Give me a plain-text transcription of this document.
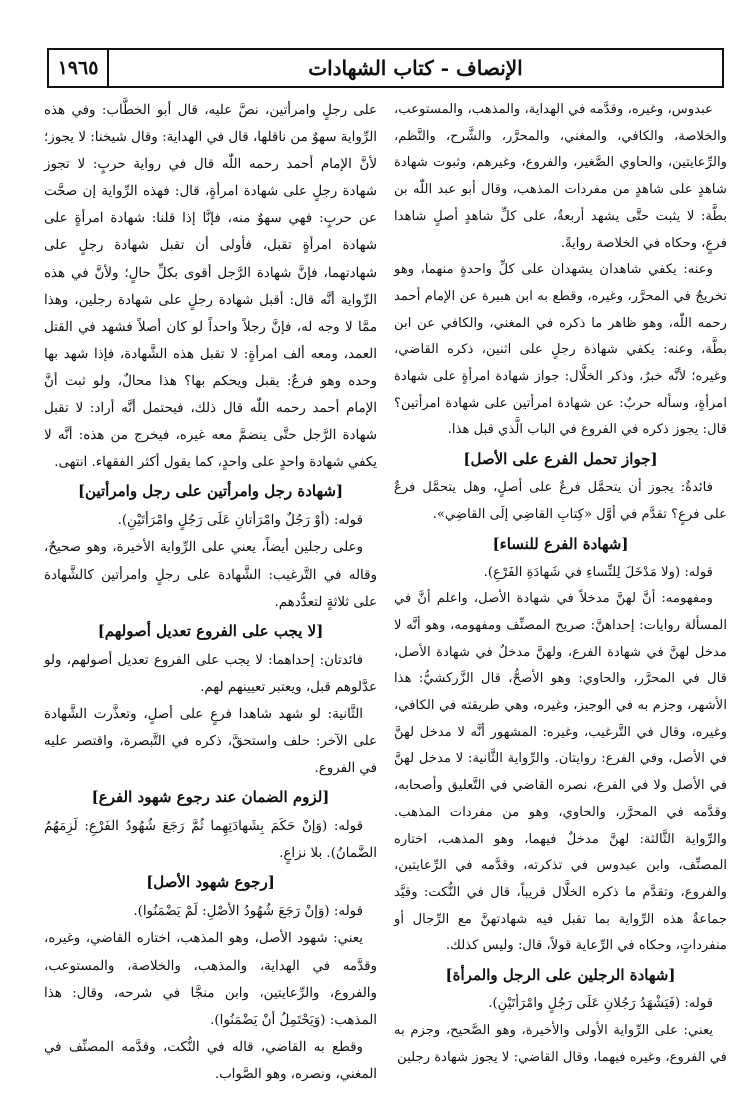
١٩٦٥	الإنصاف - كتاب الشهادات

عبدوس، وغيره، وقدَّمه في الهداية، والمذهب، والمستوعب، والخلاصة، والكافي، والمغني، والمحرَّر، والشَّرح، والنَّظم، والرِّعايتين، والحاوي الصَّغير، والفروع، وغيرهم، وثبوت شهادة شاهدٍ على شاهدٍ من مفردات المذهب، وقال أبو عبد اللّٰه بن بطَّة: لا يثبت حتَّى يشهد أربعةٌ، على كلِّ شاهدٍ أصلٍ شاهدا فرعٍ، وحكاه في الخلاصة روايةً.

وعنه: يكفي شاهدان يشهدان على كلِّ واحدةٍ منهما، وهو تخريجٌ في المحرَّر، وغيره، وقطع به ابن هبيرة عن الإمام أحمد رحمه اللّٰه، وهو ظاهر ما ذكره في المغني، والكافي عن ابن بطَّة، وعنه: يكفي شهادة رجلٍ على اثنين، ذكره القاضي، وغيره؛ لأنَّه خبرٌ، وذكر الخلَّال: جواز شهادة امرأةٍ على شهادة امرأةٍ، وسأله حربٌ: عن شهادة امرأتين على شهادة امرأتين؟ قال: يجوز ذكره في الفروع في الباب الَّذي قبل هذا.

[جواز تحمل الفرع على الأصل]

فائدةٌ: يجوز أن يتحمَّل فرعٌ على أصلٍ، وهل يتحمَّل فرعٌ على فرعٍ؟ تقدَّم في أوَّل «كِتابِ القاضِي إلَى القاضِي».

[شهادة الفرع للنساء]

قوله: (ولا مَدْخَلَ لِلنِّساءِ في شَهادَةِ الفَرْعِ).

ومفهومه: أنَّ لهنَّ مدخلاً في شهادة الأصل، واعلم أنَّ في المسألة روايات: إحداهنَّ: صريح المصنِّف ومفهومه، وهو أنَّه لا مدخل لهنَّ في شهادة الفرع، ولهنَّ مدخلٌ في شهادة الأصل، قال في المحرَّر، والحاوي: وهو الأصحُّ، قال الزَّركشيُّ: هذا الأشهر، وجزم به في الوجيز، وغيره، وهي طريقته في الكافي، وغيره، وقال في التَّرغيب، وغيره: المشهور أنَّه لا مدخل لهنَّ في الأصل، وفي الفرع: روايتان. والرِّواية الثَّانية: لا مدخل لهنَّ في الأصل ولا في الفرع، نصره القاضي في التَّعليق وأصحابه، وقدَّمه في المحرَّر، والحاوي، وهو من مفردات المذهب. والرِّواية الثَّالثة: لهنَّ مدخلٌ فيهما، وهو المذهب، اختاره المصنِّف، وابن عبدوس في تذكرته، وقدَّمه في الرِّعايتين، والفروع، وتقدَّم ما ذكره الخلَّال قريباً، قال في النُّكت: وقيَّد جماعةٌ هذه الرِّواية بما تقبل فيه شهادتهنَّ مع الرِّجال أو منفرداتٍ، وحكاه في الرِّعاية قولاً، قال: وليس كذلك.

[شهادة الرجلين على الرجل والمرأة]

قوله: (فَيَشْهَدُ رَجُلانِ عَلَى رَجُلٍ وامْرَأتَيْنِ).

يعني: على الرِّواية الأولى والأخيرة، وهو الصَّحيح، وجزم به في الفروع، وغيره فيهما، وقال القاضي: لا يجوز شهادة رجلين

على رجلٍ وامرأتين، نصَّ عليه، قال أبو الخطَّاب: وفي هذه الرِّواية سهوٌ من ناقلها، قال في الهداية: وقال شيخنا: لا يجوز؛ لأنَّ الإمام أحمد رحمه اللّٰه قال في رواية حربٍ: لا تجوز شهادة رجلٍ على شهادة امرأةٍ، قال: فهذه الرِّواية إن صحَّت عن حربٍ: فهي سهوٌ منه، فإنَّا إذا قلنا: شهادة امرأةٍ على شهادة امرأةٍ تقبل، فأولى أن تقبل شهادة رجلٍ على شهادتهما، فإنَّ شهادة الرَّجل أقوى بكلِّ حالٍ؛ ولأنَّ في هذه الرِّواية أنَّه قال: أقبل شهادة رجلٍ على شهادة رجلين، وهذا ممَّا لا وجه له، فإنَّ رجلاً واحداً لو كان أصلاً فشهد في القتل العمد، ومعه ألف امرأةٍ: لا تقبل هذه الشَّهادة، فإذا شهد بها وحده وهو فرعٌ: يقبل ويحكم بها؟ هذا محالٌ، ولو ثبت أنَّ الإمام أحمد رحمه اللّٰه قال ذلك، فيحتمل أنَّه أراد: لا تقبل شهادة الرَّجل حتَّى ينضمَّ معه غيره، فيخرج من هذه: أنَّه لا يكفي شهادة واحدٍ على واحدٍ، كما يقول أكثر الفقهاء. انتهى.

[شهادة رجل وامرأتين على رجل وامرأتين]

قوله: (أوْ رَجُلٌ وامْرَأتانِ عَلَى رَجُلٍ وامْرَأتَيْنِ).

وعلى رجلين أيضاً، يعني على الرِّواية الأخيرة، وهو صحيحٌ، وقاله في التَّرغيب: الشَّهادة على رجلٍ وامرأتين كالشَّهادة على ثلاثةٍ لتعدُّدهم.

[لا يجب على الفروع تعديل أصولهم]

فائدتان: إحداهما: لا يجب على الفروع تعديل أصولهم، ولو عدَّلوهم قبل، ويعتبر تعيينهم لهم.

الثَّانية: لو شهد شاهدا فرعٍ على أصلٍ، وتعذَّرت الشَّهادة على الآخر: حلف واستحقَّ، ذكره في التَّبصرة، واقتصر عليه في الفروع.

[لزوم الضمان عند رجوع شهود الفرع]

قوله: (وَإنْ حَكَمَ بِشَهادَتِهِما ثُمَّ رَجَعَ شُهُودُ الفَرْعِ: لَزِمَهُمُ الضَّمانُ). بلا نزاعٍ.

[رجوع شهود الأصل]

قوله: (وَإنْ رَجَعَ شُهُودُ الأصْلِ: لَمْ يَضْمَنُوا).

يعني: شهود الأصل، وهو المذهب، اختاره القاضي، وغيره، وقدَّمه في الهداية، والمذهب، والخلاصة، والمستوعب، والفروع، والرِّعايتين، وابن منجَّا في شرحه، وقال: هذا المذهب: (وَيَحْتَمِلُ أنْ يَضْمَنُوا).

وقطع به القاضي، قاله في النُّكت، وقدَّمه المصنِّف في المغني، ونصره، وهو الصَّواب.
